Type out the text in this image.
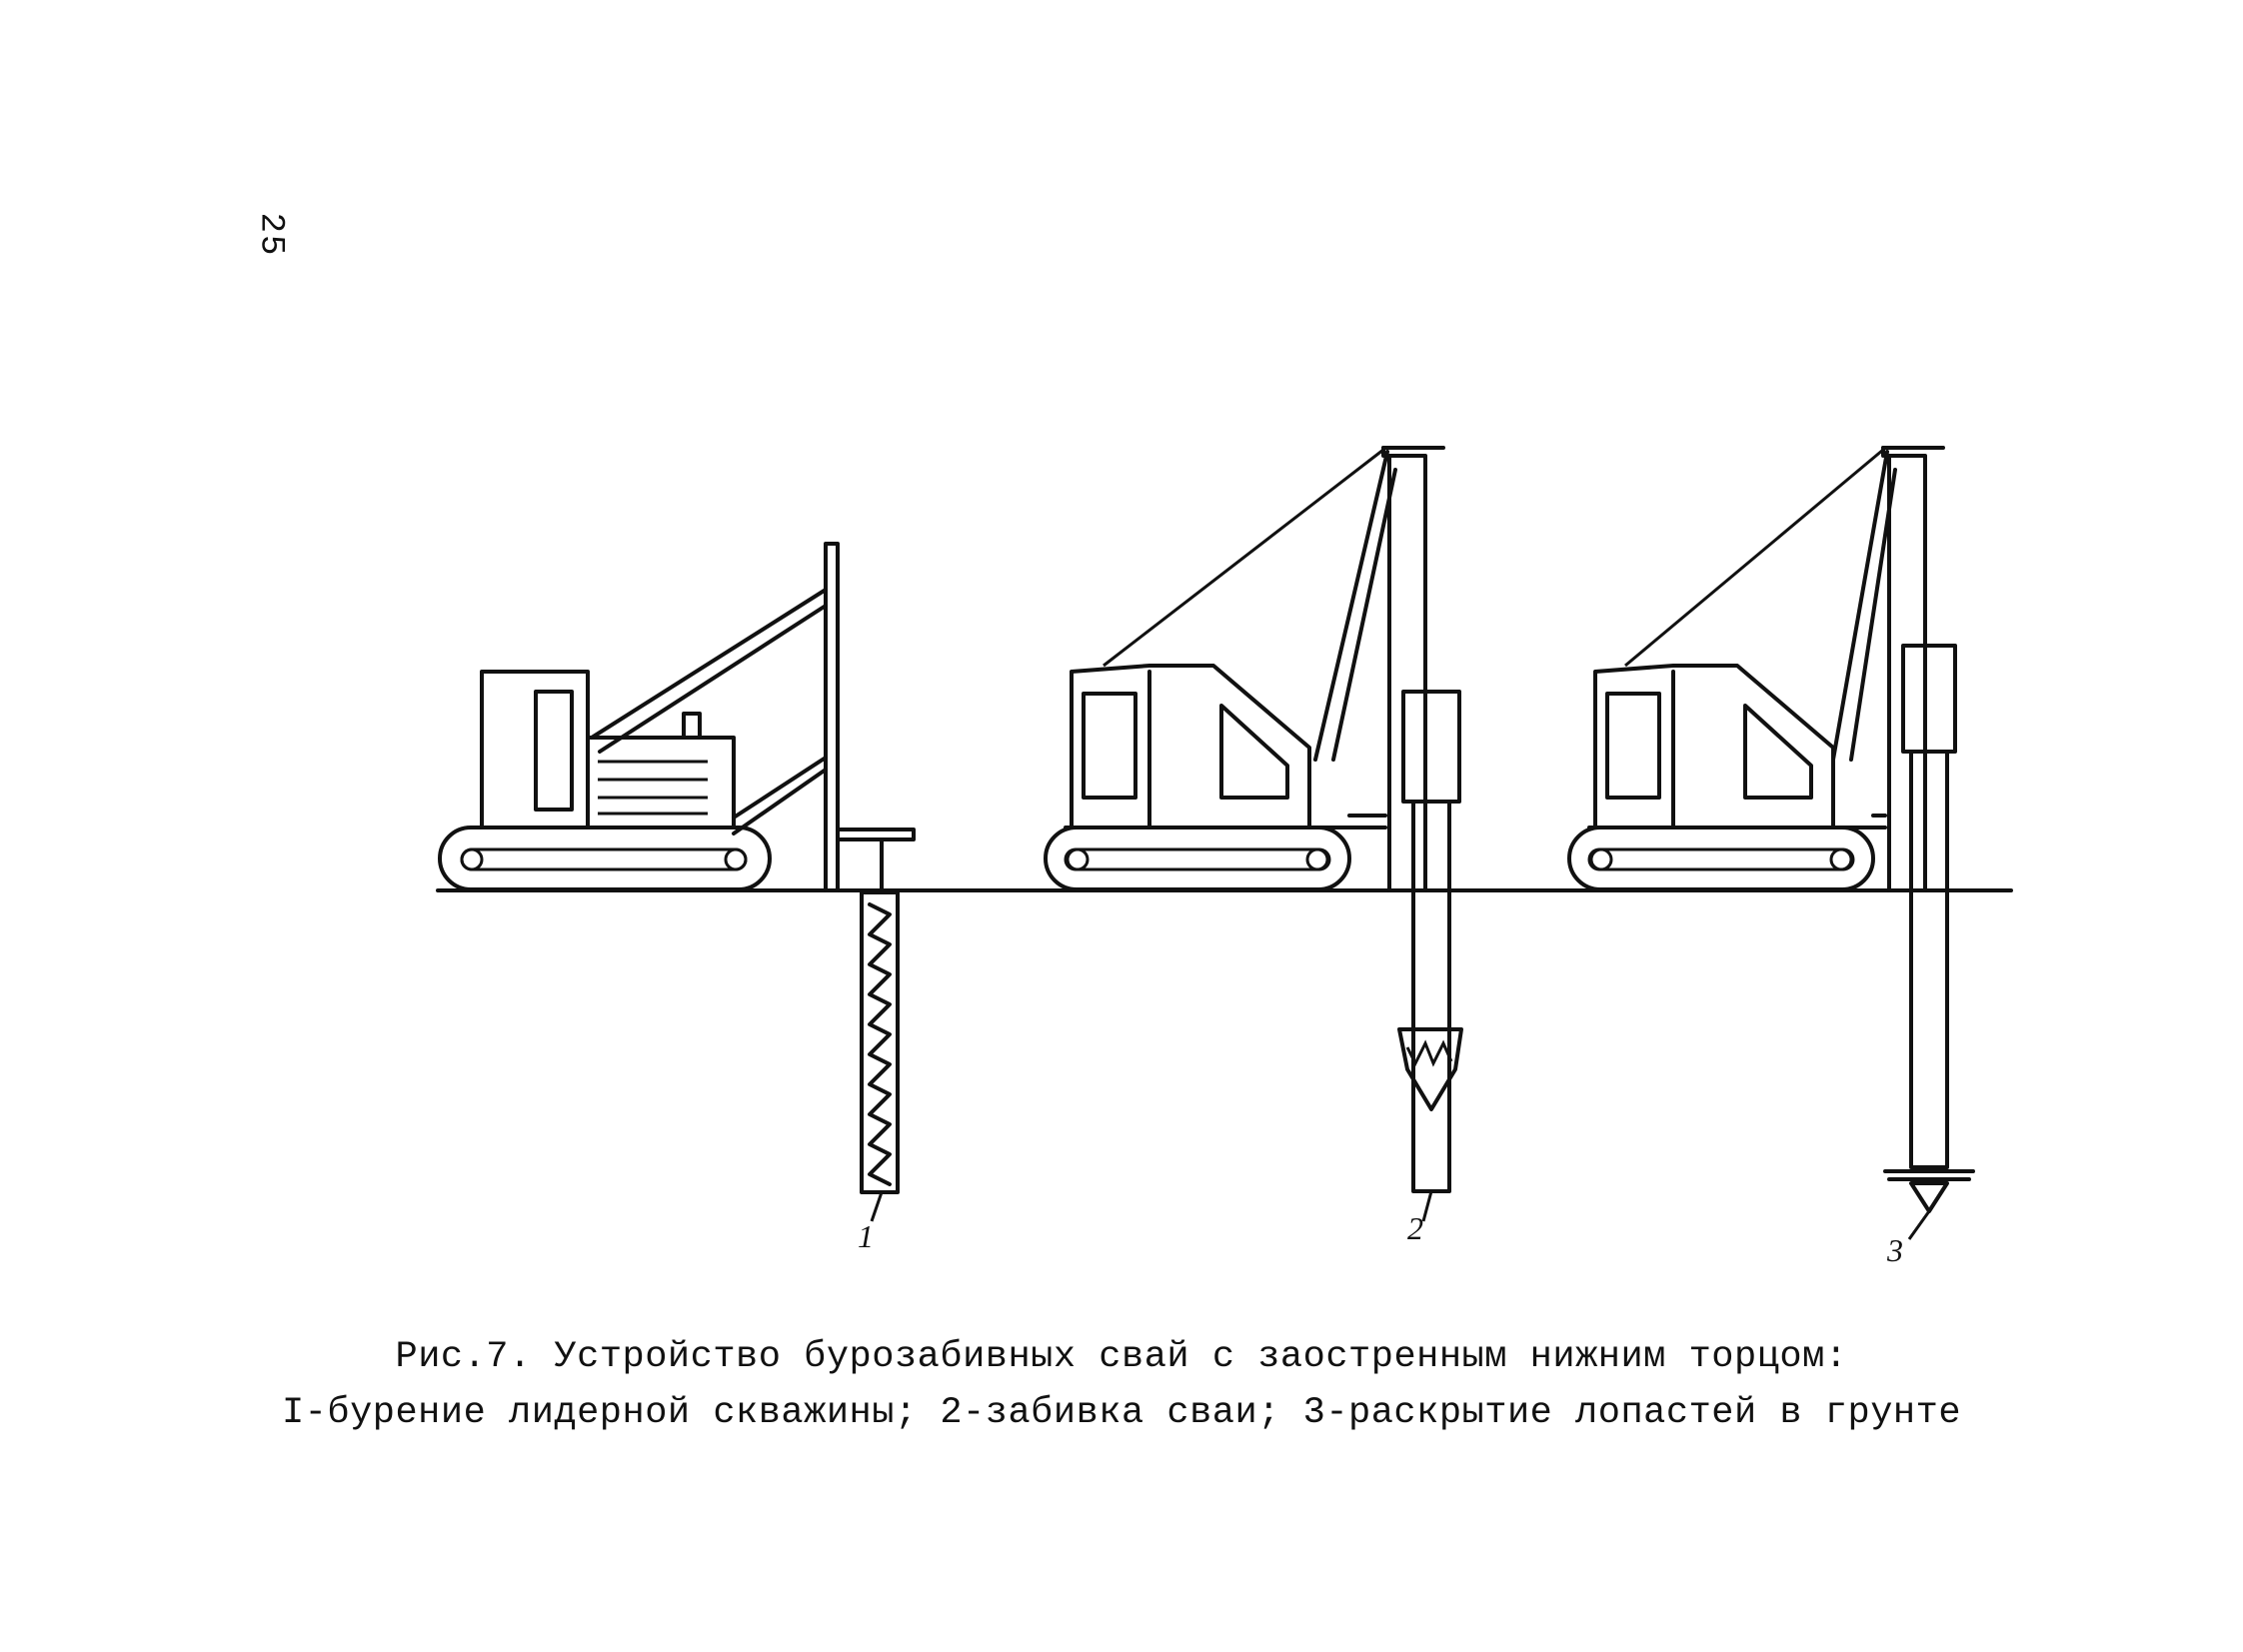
25
1	2
3
Рис.7. Устройство бурозабивных свай с заостренным нижним торцом:
I-бурение лидерной скважины; 2-забивка сваи; 3-раскрытие лопастей в грунте
